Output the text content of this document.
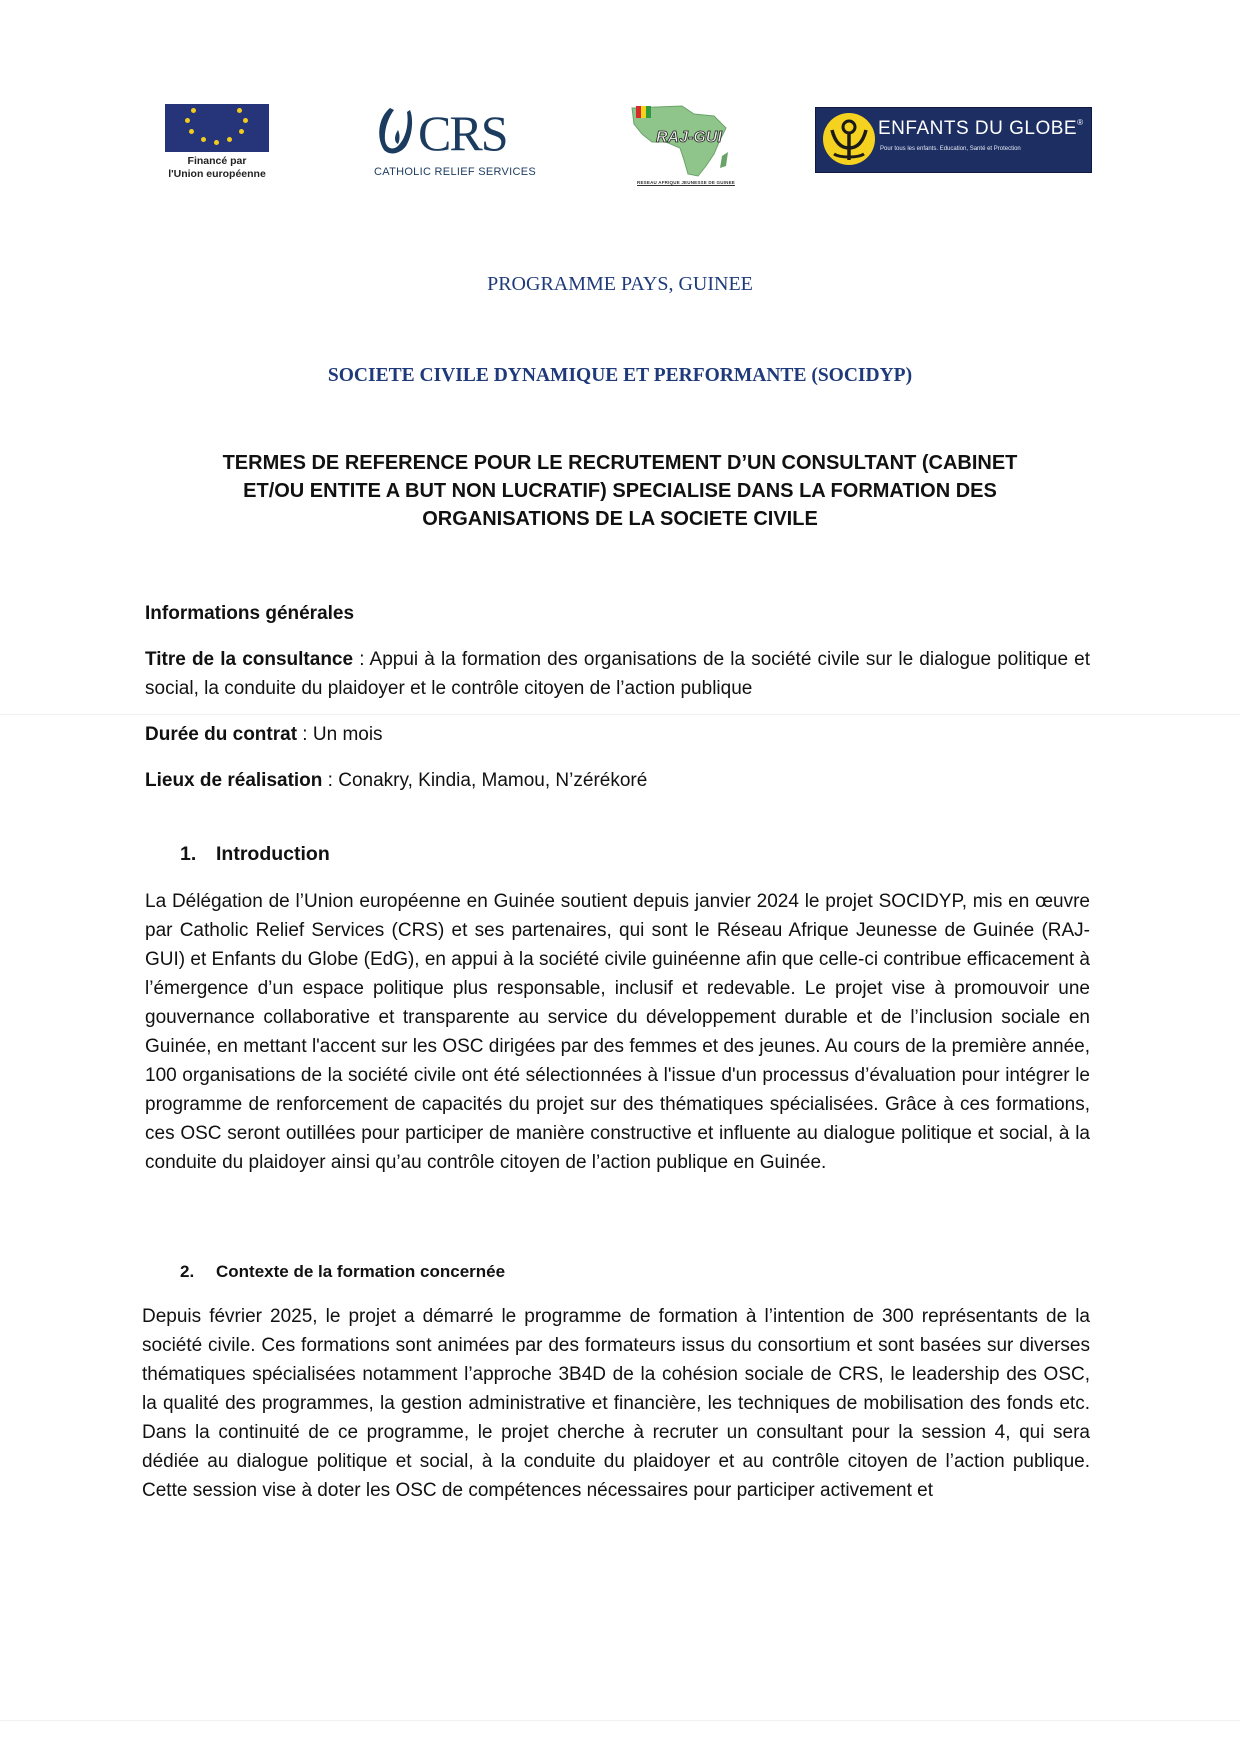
Financé par
l'Union européenne
CRS
CATHOLIC RELIEF SERVICES
RAJ-GUI
RESEAU AFRIQUE JEUNESSE DE GUINEE
ENFANTS DU GLOBE®
Pour tous les enfants. Education, Santé et Protection
PROGRAMME PAYS, GUINEE
SOCIETE CIVILE DYNAMIQUE ET PERFORMANTE (SOCIDYP)
TERMES DE REFERENCE POUR LE RECRUTEMENT D’UN CONSULTANT (CABINET
ET/OU ENTITE A BUT NON LUCRATIF) SPECIALISE DANS LA FORMATION DES
ORGANISATIONS DE LA SOCIETE CIVILE
Informations générales

Titre de la consultance : Appui à la formation des organisations de la société civile sur le dialogue politique et social, la conduite du plaidoyer et le contrôle citoyen de l’action publique

Durée du contrat : Un mois

Lieux de réalisation : Conakry, Kindia, Mamou, N’zérékoré

1. Introduction
La Délégation de l’Union européenne en Guinée soutient depuis janvier 2024 le projet SOCIDYP, mis en œuvre par Catholic Relief Services (CRS) et ses partenaires, qui sont le Réseau Afrique Jeunesse de Guinée (RAJ-GUI) et Enfants du Globe (EdG), en appui à la société civile guinéenne afin que celle-ci contribue efficacement à l’émergence d’un espace politique plus responsable, inclusif et redevable. Le projet vise à promouvoir une gouvernance collaborative et transparente au service du développement durable et de l’inclusion sociale en Guinée, en mettant l'accent sur les OSC dirigées par des femmes et des jeunes. Au cours de la première année, 100 organisations de la société civile ont été sélectionnées à l'issue d'un processus d’évaluation pour intégrer le programme de renforcement de capacités du projet sur des thématiques spécialisées. Grâce à ces formations, ces OSC seront outillées pour participer de manière constructive et influente au dialogue politique et social, à la conduite du plaidoyer ainsi qu’au contrôle citoyen de l’action publique en Guinée.
2. Contexte de la formation concernée
Depuis février 2025, le projet a démarré le programme de formation à l’intention de 300 représentants de la société civile. Ces formations sont animées par des formateurs issus du consortium et sont basées sur diverses thématiques spécialisées notamment l’approche 3B4D de la cohésion sociale de CRS, le leadership des OSC, la qualité des programmes, la gestion administrative et financière, les techniques de mobilisation des fonds etc. Dans la continuité de ce programme, le projet cherche à recruter un consultant pour la session 4, qui sera dédiée au dialogue politique et social, à la conduite du plaidoyer et au contrôle citoyen de l’action publique. Cette session vise à doter les OSC de compétences nécessaires pour participer activement et
